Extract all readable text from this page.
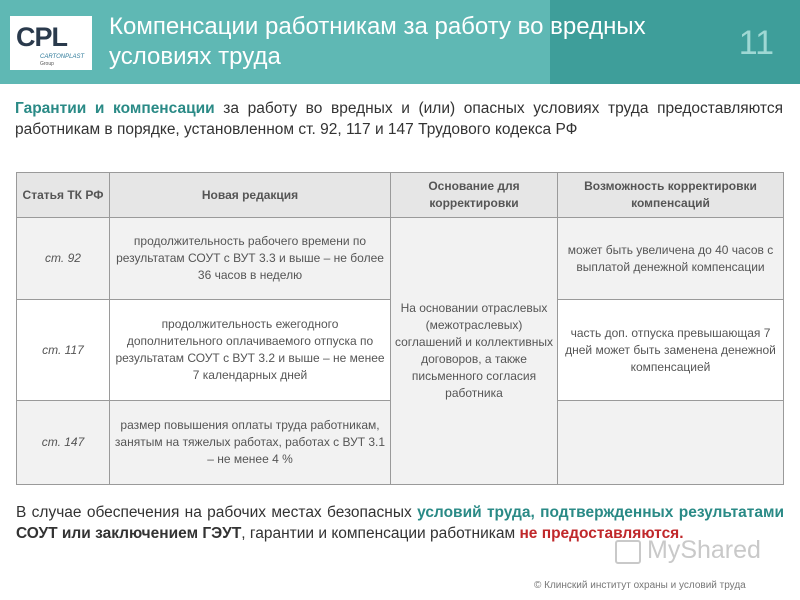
CPL
CARTONPLAST
Group
Компенсации работникам за работу во вредных условиях труда	11
Гарантии и компенсации за работу во вредных и (или) опасных условиях труда предоставляются работникам в порядке, установленном ст. 92, 117 и 147 Трудового кодекса РФ
Статья ТК РФ	Новая редакция	Основание для корректировки	Возможность корректировки компенсаций
ст. 92	продолжительность рабочего времени по результатам СОУТ с ВУТ 3.3 и выше – не более 36 часов в неделю	На основании отраслевых (межотраслевых) соглашений и коллективных договоров, а также письменного согласия работника	может быть увеличена до 40 часов с выплатой денежной компенсации
ст. 117	продолжительность ежегодного дополнительного оплачиваемого отпуска по результатам СОУТ с ВУТ 3.2 и выше – не менее 7 календарных дней		часть доп. отпуска превышающая 7 дней может быть заменена денежной компенсацией
ст. 147	размер повышения оплаты труда работникам, занятым на тяжелых работах, работах с ВУТ 3.1 – не менее 4 %		
В случае обеспечения на рабочих местах безопасных условий труда, подтвержденных результатами СОУТ или заключением ГЭУТ, гарантии и компенсации работникам не предоставляются.
MyShared
© Клинский институт охраны и условий труда
